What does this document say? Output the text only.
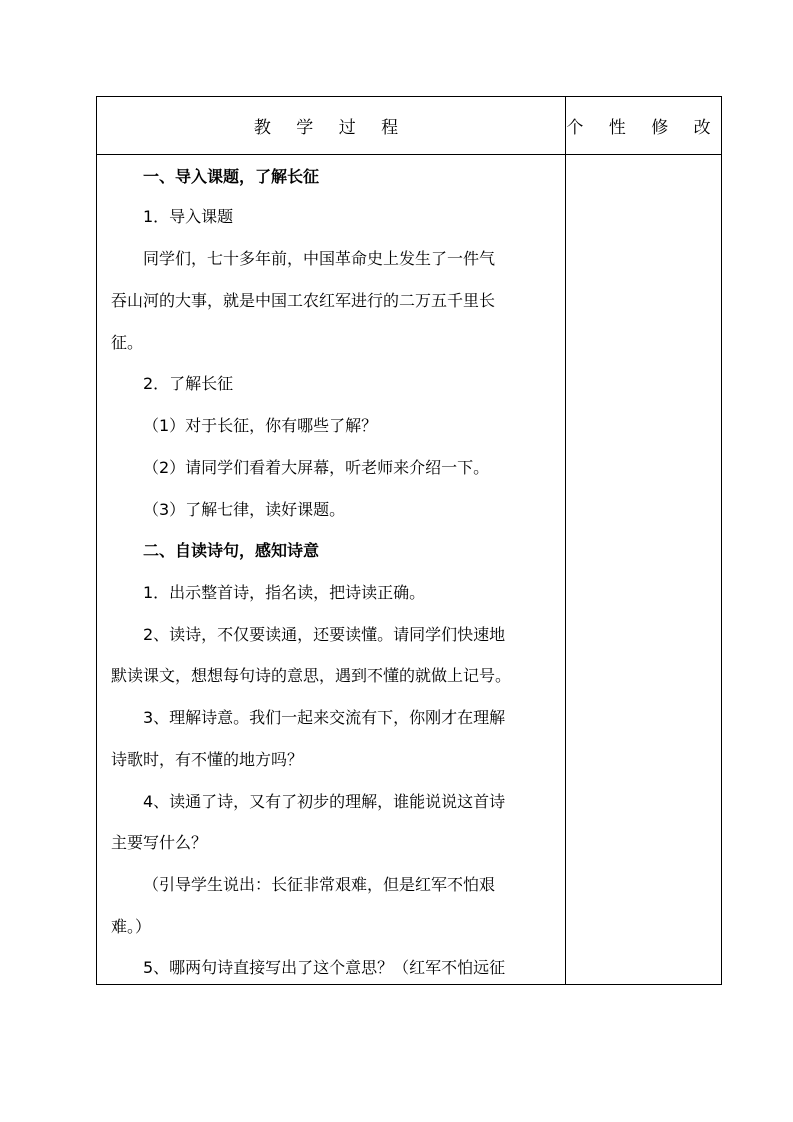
教 学 过 程	个 性 修 改
一、导入课题，了解长征
1．导入课题
同学们，七十多年前，中国革命史上发生了一件气
吞山河的大事，就是中国工农红军进行的二万五千里长
征。
2．了解长征
（1）对于长征，你有哪些了解？
（2）请同学们看着大屏幕，听老师来介绍一下。
（3）了解七律，读好课题。
二、自读诗句，感知诗意
1．出示整首诗，指名读，把诗读正确。
2、读诗，不仅要读通，还要读懂。请同学们快速地
默读课文，想想每句诗的意思，遇到不懂的就做上记号。
3、理解诗意。我们一起来交流有下，你刚才在理解
诗歌时，有不懂的地方吗？
4、读通了诗，又有了初步的理解，谁能说说这首诗
主要写什么？
（引导学生说出：长征非常艰难，但是红军不怕艰
难。）
5、哪两句诗直接写出了这个意思？（红军不怕远征
